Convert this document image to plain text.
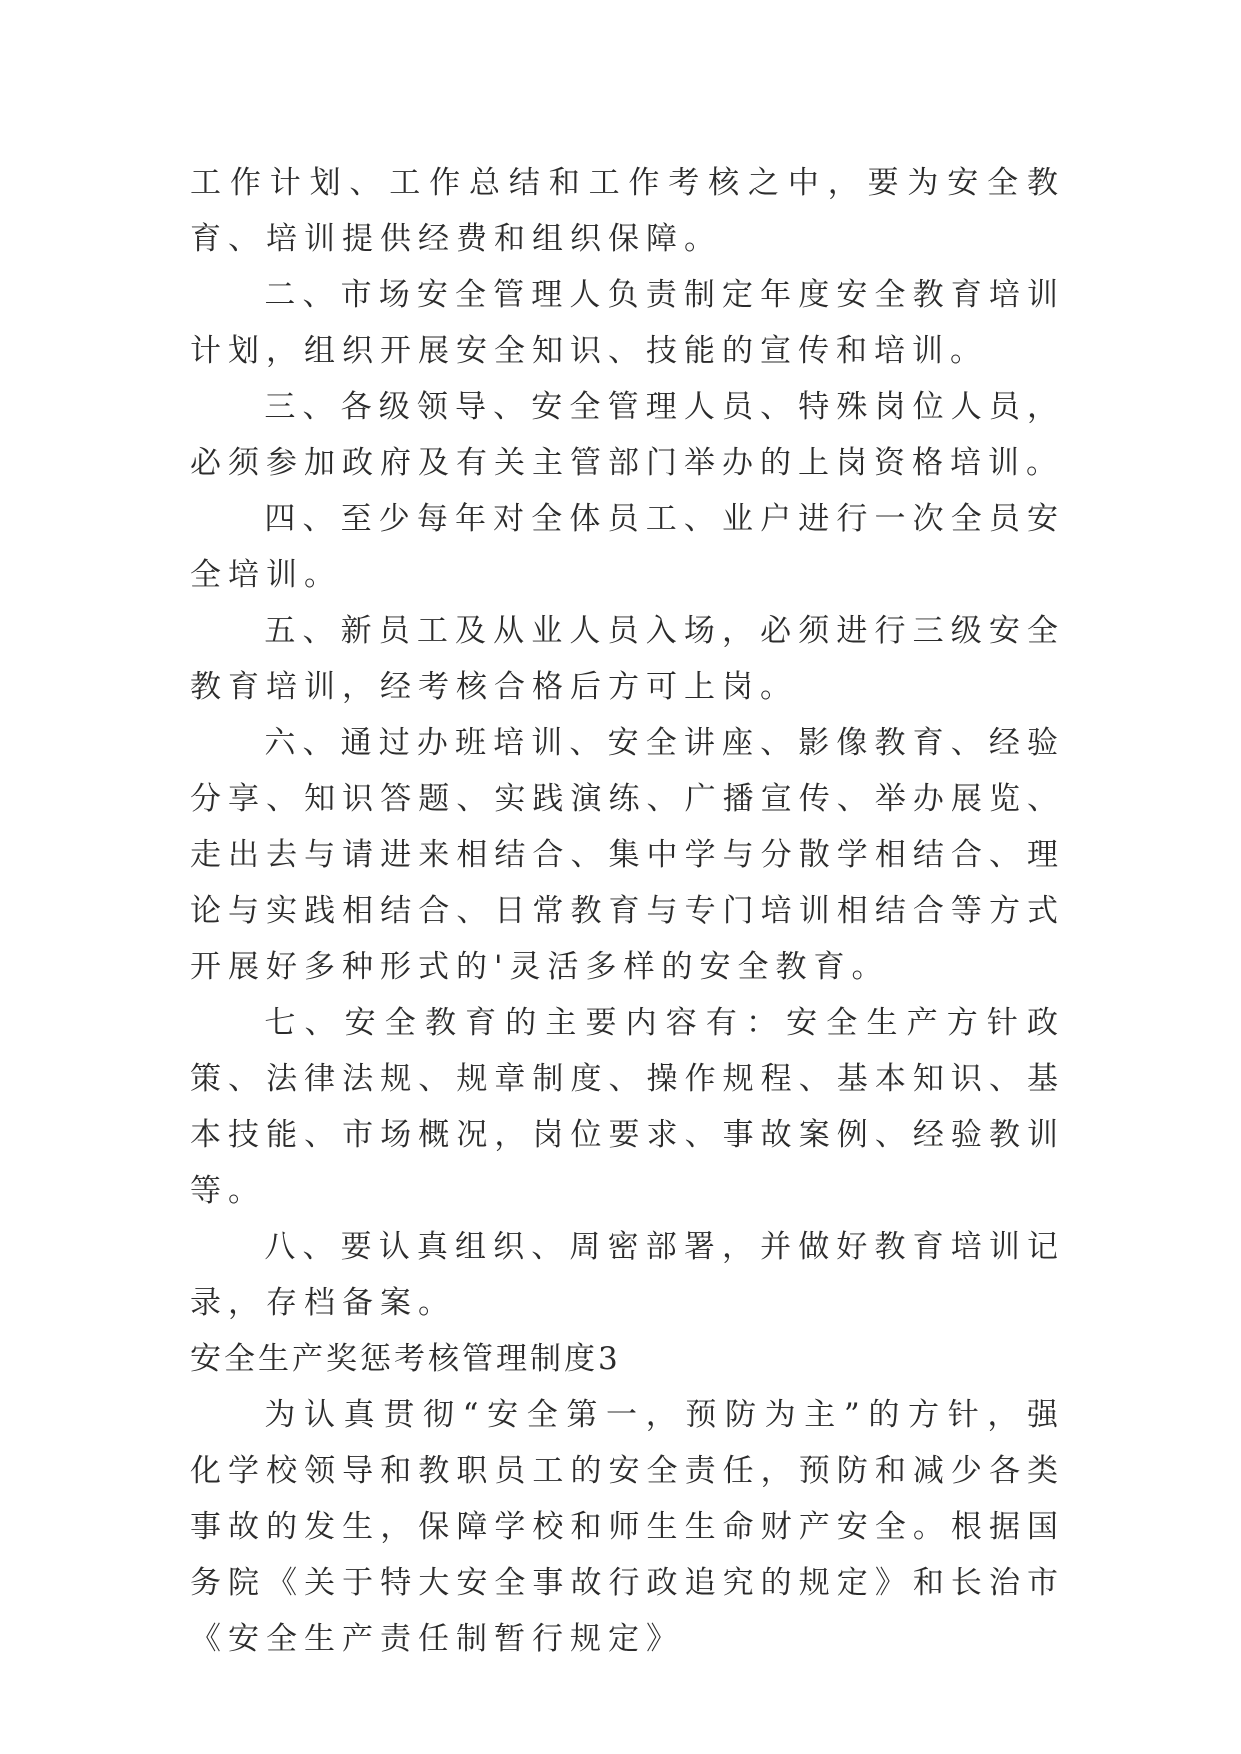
工作计划、工作总结和工作考核之中，要为安全教育、培训提供经费和组织保障。

二、市场安全管理人负责制定年度安全教育培训计划，组织开展安全知识、技能的宣传和培训。

三、各级领导、安全管理人员、特殊岗位人员，必须参加政府及有关主管部门举办的上岗资格培训。

四、至少每年对全体员工、业户进行一次全员安全培训。

五、新员工及从业人员入场，必须进行三级安全教育培训，经考核合格后方可上岗。

六、通过办班培训、安全讲座、影像教育、经验分享、知识答题、实践演练、广播宣传、举办展览、走出去与请进来相结合、集中学与分散学相结合、理论与实践相结合、日常教育与专门培训相结合等方式开展好多种形式的'灵活多样的安全教育。

七、安全教育的主要内容有：安全生产方针政策、法律法规、规章制度、操作规程、基本知识、基本技能、市场概况，岗位要求、事故案例、经验教训等。

八、要认真组织、周密部署，并做好教育培训记录，存档备案。

安全生产奖惩考核管理制度3

为认真贯彻“安全第一，预防为主”的方针，强化学校领导和教职员工的安全责任，预防和减少各类事故的发生，保障学校和师生生命财产安全。根据国务院《关于特大安全事故行政追究的规定》和长治市《安全生产责任制暂行规定》
